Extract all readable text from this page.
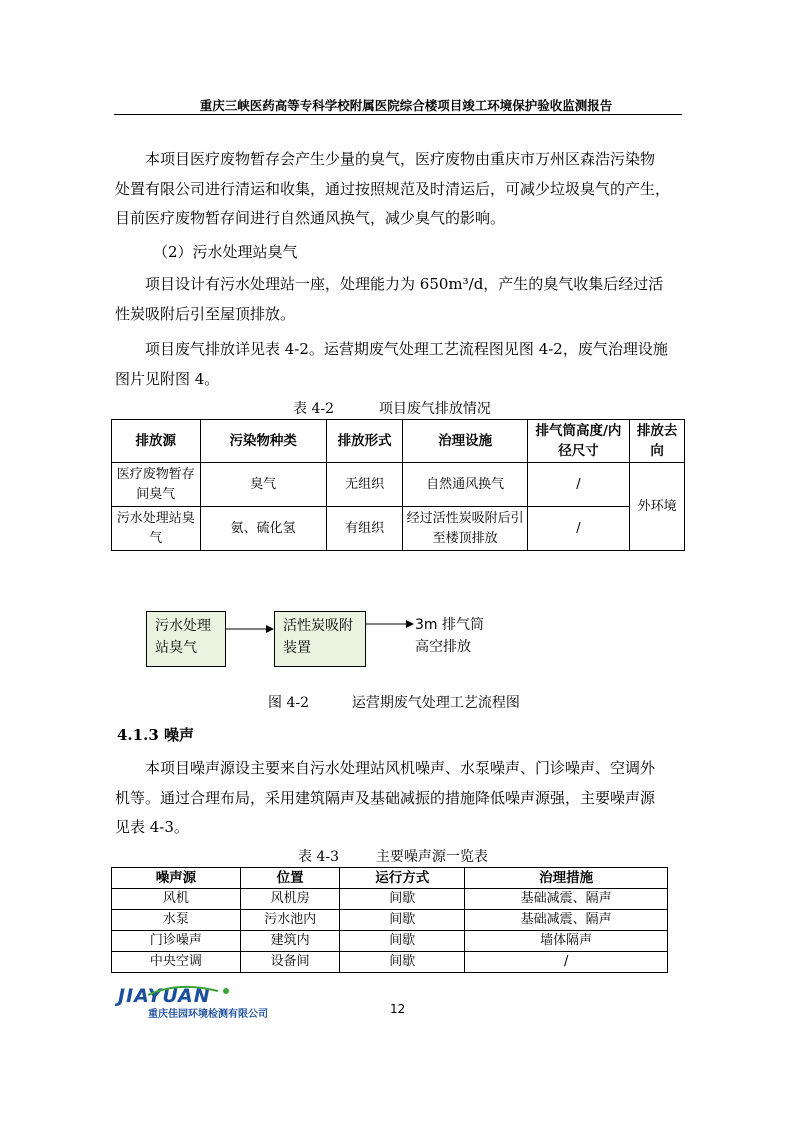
重庆三峡医药高等专科学校附属医院综合楼项目竣工环境保护验收监测报告
本项目医疗废物暂存会产生少量的臭气，医疗废物由重庆市万州区森浩污染物
处置有限公司进行清运和收集，通过按照规范及时清运后，可减少垃圾臭气的产生，
目前医疗废物暂存间进行自然通风换气，减少臭气的影响。
（2）污水处理站臭气
项目设计有污水处理站一座，处理能力为 650m³/d，产生的臭气收集后经过活
性炭吸附后引至屋顶排放。
项目废气排放详见表 4-2。运营期废气处理工艺流程图见图 4-2，废气治理设施
图片见附图 4。
表 4-2	项目废气排放情况
排放源	污染物种类	排放形式	治理设施	排气筒高度/内径尺寸	排放去向
医疗废物暂存间臭气	臭气	无组织	自然通风换气	/	外环境
污水处理站臭气	氨、硫化氢	有组织	经过活性炭吸附后引至楼顶排放	/	
污水处理站臭气
活性炭吸附装置
3m 排气筒
高空排放
图 4-2	运营期废气处理工艺流程图
4.1.3 噪声
本项目噪声源设主要来自污水处理站风机噪声、水泵噪声、门诊噪声、空调外
机等。通过合理布局，采用建筑隔声及基础减振的措施降低噪声源强，主要噪声源
见表 4-3。
表 4-3	主要噪声源一览表
噪声源	位置	运行方式	治理措施
风机	风机房	间歇	基础减震、隔声
水泵	污水池内	间歇	基础减震、隔声
门诊噪声	建筑内	间歇	墙体隔声
中央空调	设备间	间歇	/
JIAYUAN
重庆佳园环境检测有限公司	12
